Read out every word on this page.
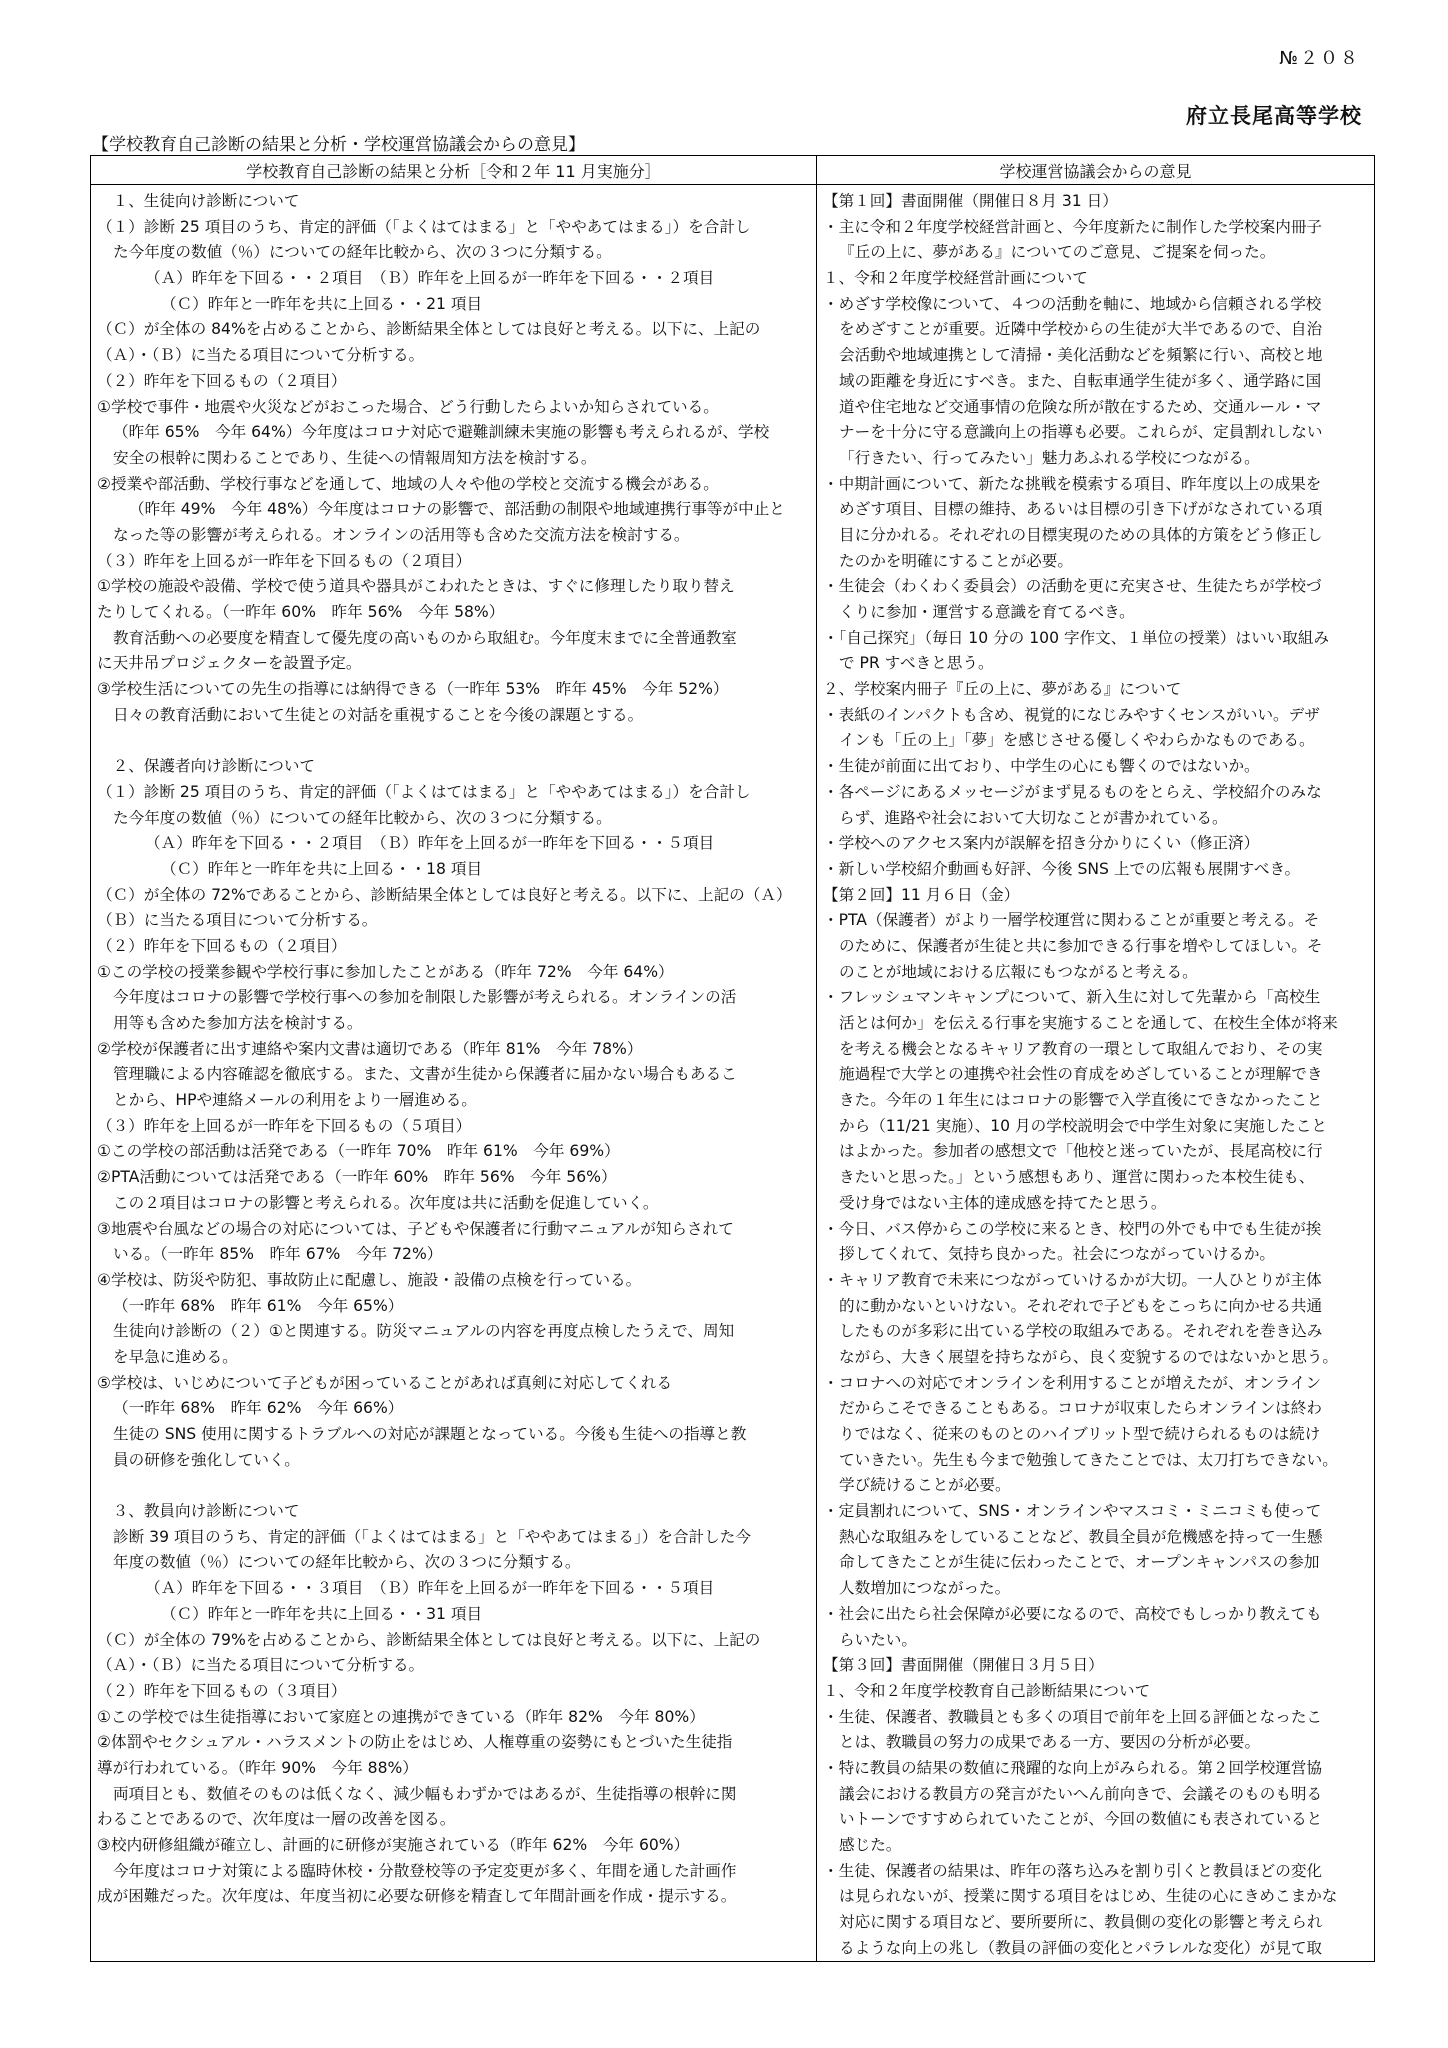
№２０８
府立長尾高等学校
【学校教育自己診断の結果と分析・学校運営協議会からの意見】
学校教育自己診断の結果と分析［令和２年 11 月実施分］
　１、生徒向け診断について
（１）診断 25 項目のうち、肯定的評価（「よくはてはまる」と「ややあてはまる」）を合計し
た今年度の数値（％）についての経年比較から、次の３つに分類する。
（Ａ）昨年を下回る・・２項目　（Ｂ）昨年を上回るが一昨年を下回る・・２項目
（Ｃ）昨年と一昨年を共に上回る・・21 項目
（Ｃ）が全体の 84%を占めることから、診断結果全体としては良好と考える。以下に、上記の
（Ａ）・（Ｂ）に当たる項目について分析する。
（２）昨年を下回るもの（２項目）
①学校で事件・地震や火災などがおこった場合、どう行動したらよいか知らされている。
（昨年 65%　今年 64%）今年度はコロナ対応で避難訓練未実施の影響も考えられるが、学校
安全の根幹に関わることであり、生徒への情報周知方法を検討する。
②授業や部活動、学校行事などを通して、地域の人々や他の学校と交流する機会がある。
（昨年 49%　今年 48%）今年度はコロナの影響で、部活動の制限や地域連携行事等が中止と
なった等の影響が考えられる。オンラインの活用等も含めた交流方法を検討する。
（３）昨年を上回るが一昨年を下回るもの（２項目）
①学校の施設や設備、学校で使う道具や器具がこわれたときは、すぐに修理したり取り替え
たりしてくれる。（一昨年 60%　昨年 56%　今年 58%）
教育活動への必要度を精査して優先度の高いものから取組む。今年度末までに全普通教室
に天井吊プロジェクターを設置予定。
③学校生活についての先生の指導には納得できる（一昨年 53%　昨年 45%　今年 52%）
日々の教育活動において生徒との対話を重視することを今後の課題とする。
　２、保護者向け診断について
（１）診断 25 項目のうち、肯定的評価（「よくはてはまる」と「ややあてはまる」）を合計し
た今年度の数値（％）についての経年比較から、次の３つに分類する。
（Ａ）昨年を下回る・・２項目　（Ｂ）昨年を上回るが一昨年を下回る・・５項目
（Ｃ）昨年と一昨年を共に上回る・・18 項目
（Ｃ）が全体の 72%であることから、診断結果全体としては良好と考える。以下に、上記の（Ａ）
（Ｂ）に当たる項目について分析する。
（２）昨年を下回るもの（２項目）
①この学校の授業参観や学校行事に参加したことがある（昨年 72%　今年 64%）
今年度はコロナの影響で学校行事への参加を制限した影響が考えられる。オンラインの活
用等も含めた参加方法を検討する。
②学校が保護者に出す連絡や案内文書は適切である（昨年 81%　今年 78%）
管理職による内容確認を徹底する。また、文書が生徒から保護者に届かない場合もあるこ
とから、HPや連絡メールの利用をより一層進める。
（３）昨年を上回るが一昨年を下回るもの（５項目）
①この学校の部活動は活発である（一昨年 70%　昨年 61%　今年 69%）
②PTA活動については活発である（一昨年 60%　昨年 56%　今年 56%）
この２項目はコロナの影響と考えられる。次年度は共に活動を促進していく。
③地震や台風などの場合の対応については、子どもや保護者に行動マニュアルが知らされて
いる。（一昨年 85%　昨年 67%　今年 72%）
④学校は、防災や防犯、事故防止に配慮し、施設・設備の点検を行っている。
（一昨年 68%　昨年 61%　今年 65%）
生徒向け診断の（２）①と関連する。防災マニュアルの内容を再度点検したうえで、周知
を早急に進める。
⑤学校は、いじめについて子どもが困っていることがあれば真剣に対応してくれる
（一昨年 68%　昨年 62%　今年 66%）
生徒の SNS 使用に関するトラブルへの対応が課題となっている。今後も生徒への指導と教
員の研修を強化していく。
　３、教員向け診断について
診断 39 項目のうち、肯定的評価（「よくはてはまる」と「ややあてはまる」）を合計した今
年度の数値（％）についての経年比較から、次の３つに分類する。
（Ａ）昨年を下回る・・３項目　（Ｂ）昨年を上回るが一昨年を下回る・・５項目
（Ｃ）昨年と一昨年を共に上回る・・31 項目
（Ｃ）が全体の 79%を占めることから、診断結果全体としては良好と考える。以下に、上記の
（Ａ）・（Ｂ）に当たる項目について分析する。
（２）昨年を下回るもの（３項目）
①この学校では生徒指導において家庭との連携ができている（昨年 82%　今年 80%）
②体罰やセクシュアル・ハラスメントの防止をはじめ、人権尊重の姿勢にもとづいた生徒指
導が行われている。（昨年 90%　今年 88%）
両項目とも、数値そのものは低くなく、減少幅もわずかではあるが、生徒指導の根幹に関
わることであるので、次年度は一層の改善を図る。
③校内研修組織が確立し、計画的に研修が実施されている（昨年 62%　今年 60%）
今年度はコロナ対策による臨時休校・分散登校等の予定変更が多く、年間を通した計画作
成が困難だった。次年度は、年度当初に必要な研修を精査して年間計画を作成・提示する。
学校運営協議会からの意見
【第１回】書面開催（開催日８月 31 日）
・主に令和２年度学校経営計画と、今年度新たに制作した学校案内冊子
『丘の上に、夢がある』についてのご意見、ご提案を伺った。
１、令和２年度学校経営計画について
・めざす学校像について、４つの活動を軸に、地域から信頼される学校
をめざすことが重要。近隣中学校からの生徒が大半であるので、自治
会活動や地域連携として清掃・美化活動などを頻繁に行い、高校と地
域の距離を身近にすべき。また、自転車通学生徒が多く、通学路に国
道や住宅地など交通事情の危険な所が散在するため、交通ルール・マ
ナーを十分に守る意識向上の指導も必要。これらが、定員割れしない
「行きたい、行ってみたい」魅力あふれる学校につながる。
・中期計画について、新たな挑戦を模索する項目、昨年度以上の成果を
めざす項目、目標の維持、あるいは目標の引き下げがなされている項
目に分かれる。それぞれの目標実現のための具体的方策をどう修正し
たのかを明確にすることが必要。
・生徒会（わくわく委員会）の活動を更に充実させ、生徒たちが学校づ
くりに参加・運営する意識を育てるべき。
・「自己探究」（毎日 10 分の 100 字作文、１単位の授業）はいい取組み
で PR すべきと思う。
２、学校案内冊子『丘の上に、夢がある』について
・表紙のインパクトも含め、視覚的になじみやすくセンスがいい。デザ
インも「丘の上」「夢」を感じさせる優しくやわらかなものである。
・生徒が前面に出ており、中学生の心にも響くのではないか。
・各ページにあるメッセージがまず見るものをとらえ、学校紹介のみな
らず、進路や社会において大切なことが書かれている。
・学校へのアクセス案内が誤解を招き分かりにくい（修正済）
・新しい学校紹介動画も好評、今後 SNS 上での広報も展開すべき。
【第２回】11 月６日（金）
・PTA（保護者）がより一層学校運営に関わることが重要と考える。そ
のために、保護者が生徒と共に参加できる行事を増やしてほしい。そ
のことが地域における広報にもつながると考える。
・フレッシュマンキャンプについて、新入生に対して先輩から「高校生
活とは何か」を伝える行事を実施することを通して、在校生全体が将来
を考える機会となるキャリア教育の一環として取組んでおり、その実
施過程で大学との連携や社会性の育成をめざしていることが理解でき
きた。今年の１年生にはコロナの影響で入学直後にできなかったこと
から（11/21 実施）、10 月の学校説明会で中学生対象に実施したこと
はよかった。参加者の感想文で「他校と迷っていたが、長尾高校に行
きたいと思った。」という感想もあり、運営に関わった本校生徒も、
受け身ではない主体的達成感を持てたと思う。
・今日、バス停からこの学校に来るとき、校門の外でも中でも生徒が挨
拶してくれて、気持ち良かった。社会につながっていけるか。
・キャリア教育で未来につながっていけるかが大切。一人ひとりが主体
的に動かないといけない。それぞれで子どもをこっちに向かせる共通
したものが多彩に出ている学校の取組みである。それぞれを巻き込み
ながら、大きく展望を持ちながら、良く変貌するのではないかと思う。
・コロナへの対応でオンラインを利用することが増えたが、オンライン
だからこそできることもある。コロナが収束したらオンラインは終わ
りではなく、従来のものとのハイブリット型で続けられるものは続け
ていきたい。先生も今まで勉強してきたことでは、太刀打ちできない。
学び続けることが必要。
・定員割れについて、SNS・オンラインやマスコミ・ミニコミも使って
熱心な取組みをしていることなど、教員全員が危機感を持って一生懸
命してきたことが生徒に伝わったことで、オープンキャンパスの参加
人数増加につながった。
・社会に出たら社会保障が必要になるので、高校でもしっかり教えても
らいたい。
【第３回】書面開催（開催日３月５日）
１、令和２年度学校教育自己診断結果について
・生徒、保護者、教職員とも多くの項目で前年を上回る評価となったこ
とは、教職員の努力の成果である一方、要因の分析が必要。
・特に教員の結果の数値に飛躍的な向上がみられる。第２回学校運営協
議会における教員方の発言がたいへん前向きで、会議そのものも明る
いトーンですすめられていたことが、今回の数値にも表されていると
感じた。
・生徒、保護者の結果は、昨年の落ち込みを割り引くと教員ほどの変化
は見られないが、授業に関する項目をはじめ、生徒の心にきめこまかな
対応に関する項目など、要所要所に、教員側の変化の影響と考えられ
るような向上の兆し（教員の評価の変化とパラレルな変化）が見て取
